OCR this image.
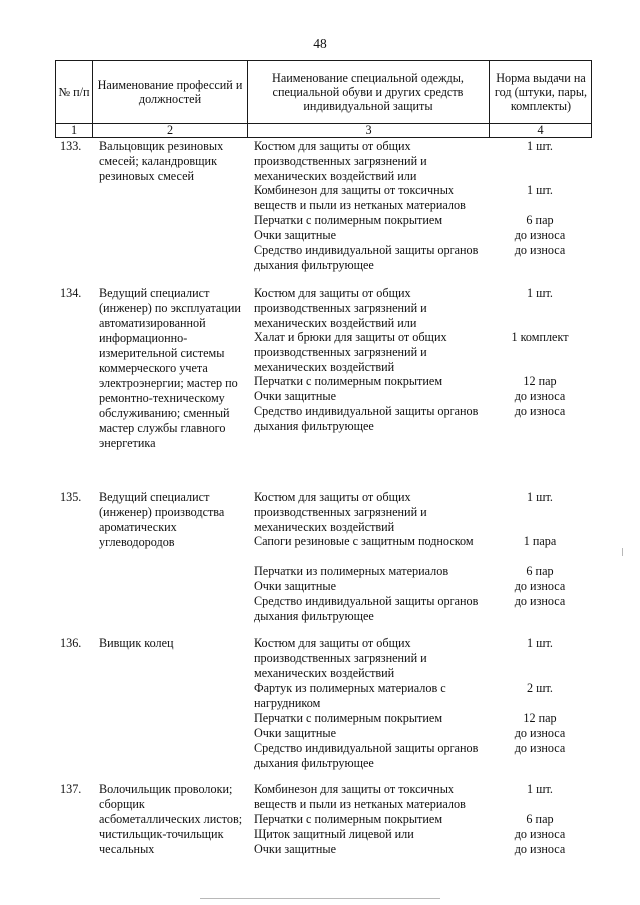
48
№ п/п Наименование профессий и должностей
Наименование специальной одежды, специальной обуви и других средств индивидуальной защиты
Норма выдачи на год (штуки, пары, комплекты)
1	2	3	4
133.	Вальцовщик резиновых смесей; каландровщик резиновых смесей
Костюм для защиты от общих производственных загрязнений и механических воздействий или
1 шт.
Комбинезон для защиты от токсичных веществ и пыли из нетканых материалов
1 шт.
Перчатки с полимерным покрытием	6 пар
Очки защитные	до износа
Средство индивидуальной защиты органов дыхания фильтрующее
до износа
134.	Ведущий специалист (инженер) по эксплуатации автоматизированной информационно-измерительной системы коммерческого учета электроэнергии; мастер по ремонтно-техническому обслуживанию; сменный мастер службы главного энергетика
Костюм для защиты от общих производственных загрязнений и механических воздействий или
1 шт.
Халат и брюки для защиты от общих производственных загрязнений и механических воздействий
1 комплект
Перчатки с полимерным покрытием	12 пар
Очки защитные	до износа
Средство индивидуальной защиты органов дыхания фильтрующее
до износа
135.	Ведущий специалист (инженер) производства ароматических углеводородов
Костюм для защиты от общих производственных загрязнений и механических воздействий
1 шт.
Сапоги резиновые с защитным подноском	1 пара
Перчатки из полимерных материалов	6 пар
Очки защитные	до износа
Средство индивидуальной защиты органов дыхания фильтрующее
до износа
136.	Вивщик колец	Костюм для защиты от общих производственных загрязнений и механических воздействий
1 шт.
Фартук из полимерных материалов с нагрудником
2 шт.
Перчатки с полимерным покрытием	12 пар
Очки защитные	до износа
Средство индивидуальной защиты органов дыхания фильтрующее
до износа
137.	Волочильщик проволоки; сборщик асбометаллических листов; чистильщик-точильщик чесальных
Комбинезон для защиты от токсичных веществ и пыли из нетканых материалов
1 шт.
Перчатки с полимерным покрытием	6 пар
Щиток защитный лицевой или	до износа
Очки защитные	до износа
